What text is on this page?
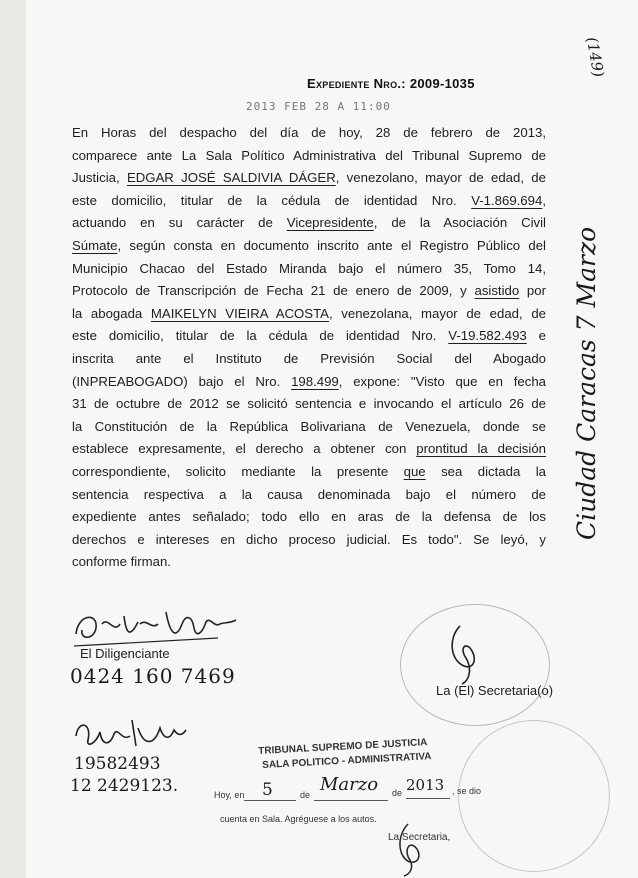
Expediente Nro.: 2009-1035
(149)
2013 FEB 28 A 11:00

En Horas del despacho del día de hoy, 28 de febrero de 2013,

comparece ante La Sala Político Administrativa del Tribunal Supremo de

Justicia, EDGAR JOSÉ SALDIVIA DÁGER, venezolano, mayor de edad, de

este domicilio, titular de la cédula de identidad Nro. V-1.869.694,

actuando en su carácter de Vicepresidente, de la Asociación Civil

Súmate, según consta en documento inscrito ante el Registro Público del

Municipio Chacao del Estado Miranda bajo el número 35, Tomo 14,

Protocolo de Transcripción de Fecha 21 de enero de 2009, y asistido por

la abogada MAIKELYN VIEIRA ACOSTA, venezolana, mayor de edad, de

este domicilio, titular de la cédula de identidad Nro. V-19.582.493 e

inscrita ante el Instituto de Previsión Social del Abogado

(INPREABOGADO) bajo el Nro. 198.499, expone: "Visto que en fecha

31 de octubre de 2012 se solicitó sentencia e invocando el artículo 26 de

la Constitución de la República Bolivariana de Venezuela, donde se

establece expresamente, el derecho a obtener con prontitud la decisión

correspondiente, solicito mediante la presente que sea dictada la

sentencia respectiva a la causa denominada bajo el número de

expediente antes señalado; todo ello en aras de la defensa de los

derechos e intereses en dicho proceso judicial. Es todo". Se leyó, y

conforme firman.

Ciudad Caracas 7 Marzo
El Diligenciante
0424 160 7469
La (El) Secretaria(o)
19582493
12 2429123.
TRIBUNAL SUPREMO DE JUSTICIA
SALA POLITICO - ADMINISTRATIVA
Hoy, en 5	de Marzo de 2013 , se dio
cuenta en Sala. Agréguese a los autos.
La Secretaria,
